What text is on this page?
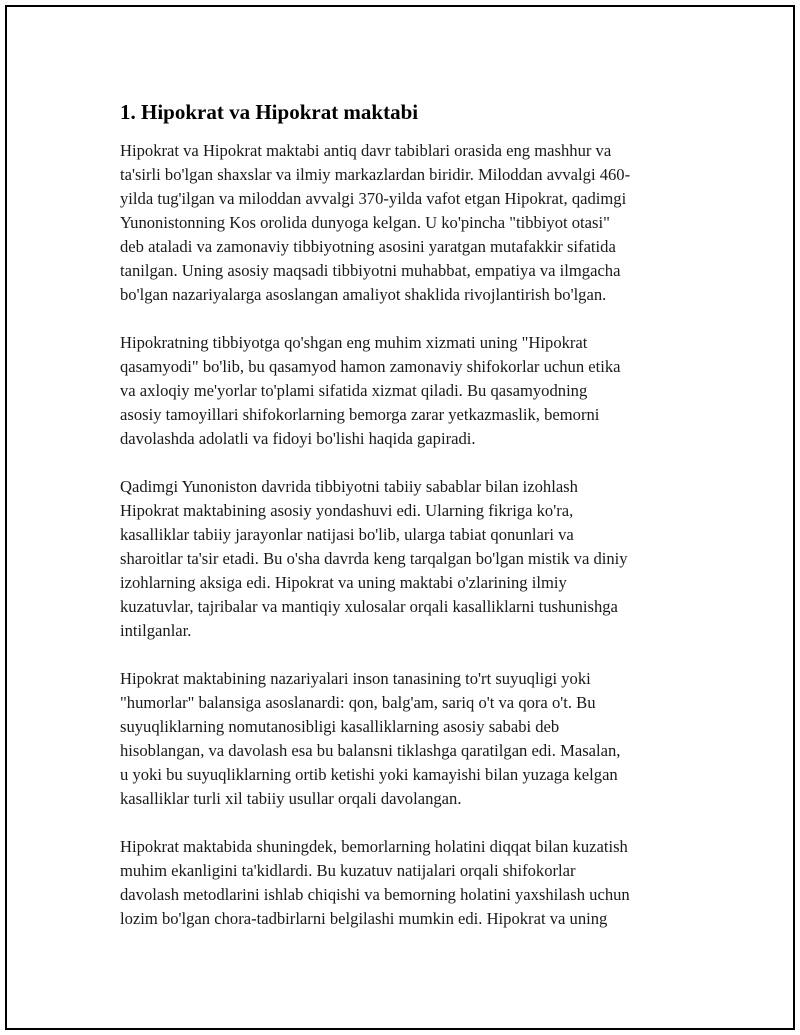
1. Hipokrat va Hipokrat maktabi

Hipokrat va Hipokrat maktabi antiq davr tabiblari orasida eng mashhur va
ta'sirli bo'lgan shaxslar va ilmiy markazlardan biridir. Miloddan avvalgi 460-
yilda tug'ilgan va miloddan avvalgi 370-yilda vafot etgan Hipokrat, qadimgi
Yunonistonning Kos orolida dunyoga kelgan. U ko'pincha "tibbiyot otasi"
deb ataladi va zamonaviy tibbiyotning asosini yaratgan mutafakkir sifatida
tanilgan. Uning asosiy maqsadi tibbiyotni muhabbat, empatiya va ilmgacha
bo'lgan nazariyalarga asoslangan amaliyot shaklida rivojlantirish bo'lgan.

Hipokratning tibbiyotga qo'shgan eng muhim xizmati uning "Hipokrat
qasamyodi" bo'lib, bu qasamyod hamon zamonaviy shifokorlar uchun etika
va axloqiy me'yorlar to'plami sifatida xizmat qiladi. Bu qasamyodning
asosiy tamoyillari shifokorlarning bemorga zarar yetkazmaslik, bemorni
davolashda adolatli va fidoyi bo'lishi haqida gapiradi.

Qadimgi Yunoniston davrida tibbiyotni tabiiy sabablar bilan izohlash
Hipokrat maktabining asosiy yondashuvi edi. Ularning fikriga ko'ra,
kasalliklar tabiiy jarayonlar natijasi bo'lib, ularga tabiat qonunlari va
sharoitlar ta'sir etadi. Bu o'sha davrda keng tarqalgan bo'lgan mistik va diniy
izohlarning aksiga edi. Hipokrat va uning maktabi o'zlarining ilmiy
kuzatuvlar, tajribalar va mantiqiy xulosalar orqali kasalliklarni tushunishga
intilganlar.

Hipokrat maktabining nazariyalari inson tanasining to'rt suyuqligi yoki
"humorlar" balansiga asoslanardi: qon, balg'am, sariq o't va qora o't. Bu
suyuqliklarning nomutanosibligi kasalliklarning asosiy sababi deb
hisoblangan, va davolash esa bu balansni tiklashga qaratilgan edi. Masalan,
u yoki bu suyuqliklarning ortib ketishi yoki kamayishi bilan yuzaga kelgan
kasalliklar turli xil tabiiy usullar orqali davolangan.

Hipokrat maktabida shuningdek, bemorlarning holatini diqqat bilan kuzatish
muhim ekanligini ta'kidlardi. Bu kuzatuv natijalari orqali shifokorlar
davolash metodlarini ishlab chiqishi va bemorning holatini yaxshilash uchun
lozim bo'lgan chora-tadbirlarni belgilashi mumkin edi. Hipokrat va uning
